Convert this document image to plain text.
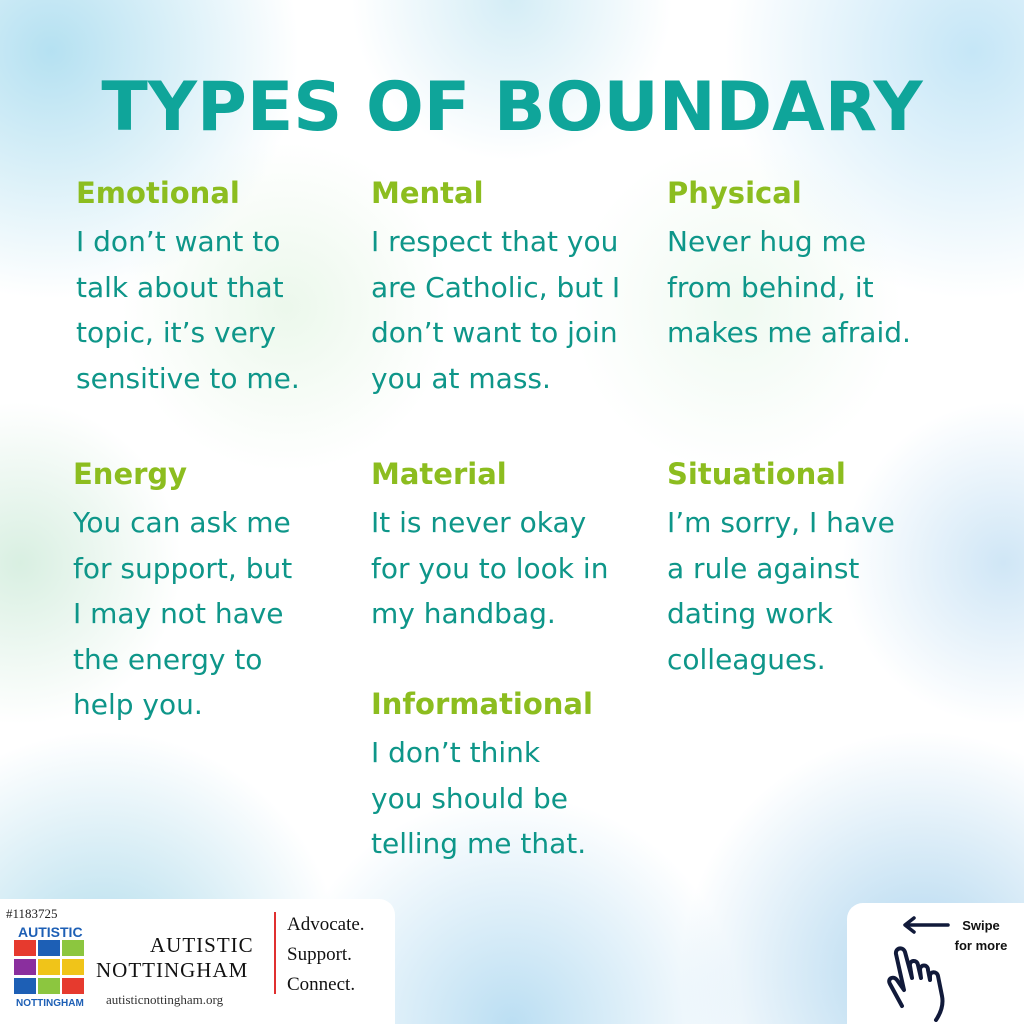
TYPES OF BOUNDARY
Emotional
I don’t want to
talk about that
topic, it’s very
sensitive to me.
Mental
I respect that you
are Catholic, but I
don’t want to join
you at mass.
Physical
Never hug me
from behind, it
makes me afraid.
Energy
You can ask me
for support, but
I may not have
the energy to
help you.
Material
It is never okay
for you to look in
my handbag.
Situational
I’m sorry, I have
a rule against
dating work
colleagues.
Informational
I don’t think
you should be
telling me that.
#1183725
AUTISTIC
NOTTINGHAM
AUTISTIC
NOTTINGHAM
autisticnottingham.org
Advocate.
Support.
Connect.
Swipe
for more
